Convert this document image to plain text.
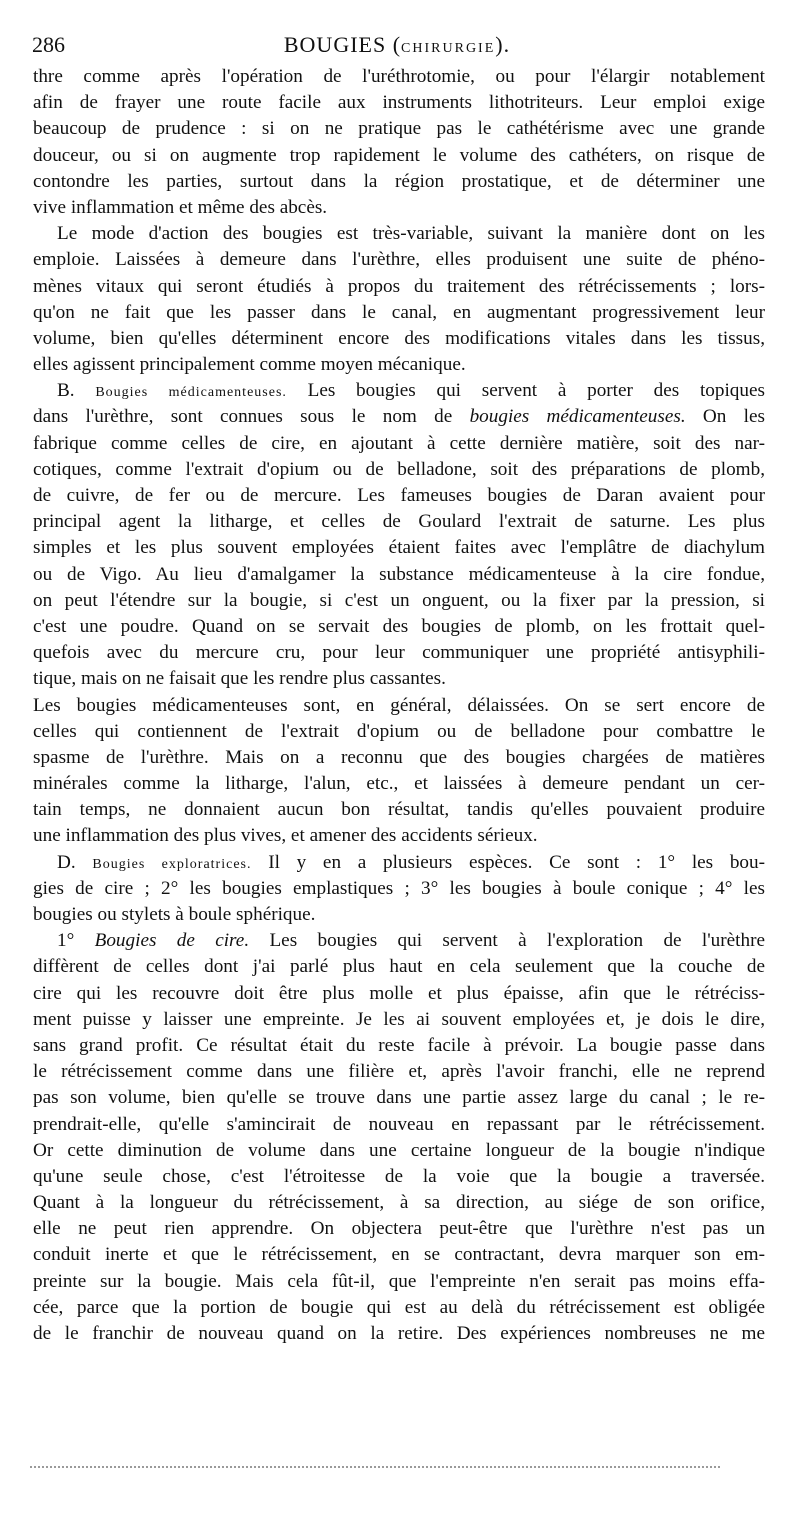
286	BOUGIES (CHIRURGIE).
thre comme après l'opération de l'uréthrotomie, ou pour l'élargir notablement
afin de frayer une route facile aux instruments lithotriteurs. Leur emploi exige
beaucoup de prudence : si on ne pratique pas le cathétérisme avec une grande
douceur, ou si on augmente trop rapidement le volume des cathéters, on risque de
contondre les parties, surtout dans la région prostatique, et de déterminer une
vive inflammation et même des abcès.
Le mode d'action des bougies est très-variable, suivant la manière dont on les
emploie. Laissées à demeure dans l'urèthre, elles produisent une suite de phéno-
mènes vitaux qui seront étudiés à propos du traitement des rétrécissements ; lors-
qu'on ne fait que les passer dans le canal, en augmentant progressivement leur
volume, bien qu'elles déterminent encore des modifications vitales dans les tissus,
elles agissent principalement comme moyen mécanique.
B. Bougies médicamenteuses. Les bougies qui servent à porter des topiques
dans l'urèthre, sont connues sous le nom de bougies médicamenteuses. On les
fabrique comme celles de cire, en ajoutant à cette dernière matière, soit des nar-
cotiques, comme l'extrait d'opium ou de belladone, soit des préparations de plomb,
de cuivre, de fer ou de mercure. Les fameuses bougies de Daran avaient pour
principal agent la litharge, et celles de Goulard l'extrait de saturne. Les plus
simples et les plus souvent employées étaient faites avec l'emplâtre de diachylum
ou de Vigo. Au lieu d'amalgamer la substance médicamenteuse à la cire fondue,
on peut l'étendre sur la bougie, si c'est un onguent, ou la fixer par la pression, si
c'est une poudre. Quand on se servait des bougies de plomb, on les frottait quel-
quefois avec du mercure cru, pour leur communiquer une propriété antisyphili-
tique, mais on ne faisait que les rendre plus cassantes.
Les bougies médicamenteuses sont, en général, délaissées. On se sert encore de
celles qui contiennent de l'extrait d'opium ou de belladone pour combattre le
spasme de l'urèthre. Mais on a reconnu que des bougies chargées de matières
minérales comme la litharge, l'alun, etc., et laissées à demeure pendant un cer-
tain temps, ne donnaient aucun bon résultat, tandis qu'elles pouvaient produire
une inflammation des plus vives, et amener des accidents sérieux.
D. Bougies exploratrices. Il y en a plusieurs espèces. Ce sont : 1° les bou-
gies de cire ; 2° les bougies emplastiques ; 3° les bougies à boule conique ; 4° les
bougies ou stylets à boule sphérique.
1° Bougies de cire. Les bougies qui servent à l'exploration de l'urèthre
diffèrent de celles dont j'ai parlé plus haut en cela seulement que la couche de
cire qui les recouvre doit être plus molle et plus épaisse, afin que le rétréciss-
ment puisse y laisser une empreinte. Je les ai souvent employées et, je dois le dire,
sans grand profit. Ce résultat était du reste facile à prévoir. La bougie passe dans
le rétrécissement comme dans une filière et, après l'avoir franchi, elle ne reprend
pas son volume, bien qu'elle se trouve dans une partie assez large du canal ; le re-
prendrait-elle, qu'elle s'amincirait de nouveau en repassant par le rétrécissement.
Or cette diminution de volume dans une certaine longueur de la bougie n'indique
qu'une seule chose, c'est l'étroitesse de la voie que la bougie a traversée.
Quant à la longueur du rétrécissement, à sa direction, au siége de son orifice,
elle ne peut rien apprendre. On objectera peut-être que l'urèthre n'est pas un
conduit inerte et que le rétrécissement, en se contractant, devra marquer son em-
preinte sur la bougie. Mais cela fût-il, que l'empreinte n'en serait pas moins effa-
cée, parce que la portion de bougie qui est au delà du rétrécissement est obligée
de le franchir de nouveau quand on la retire. Des expériences nombreuses ne me
